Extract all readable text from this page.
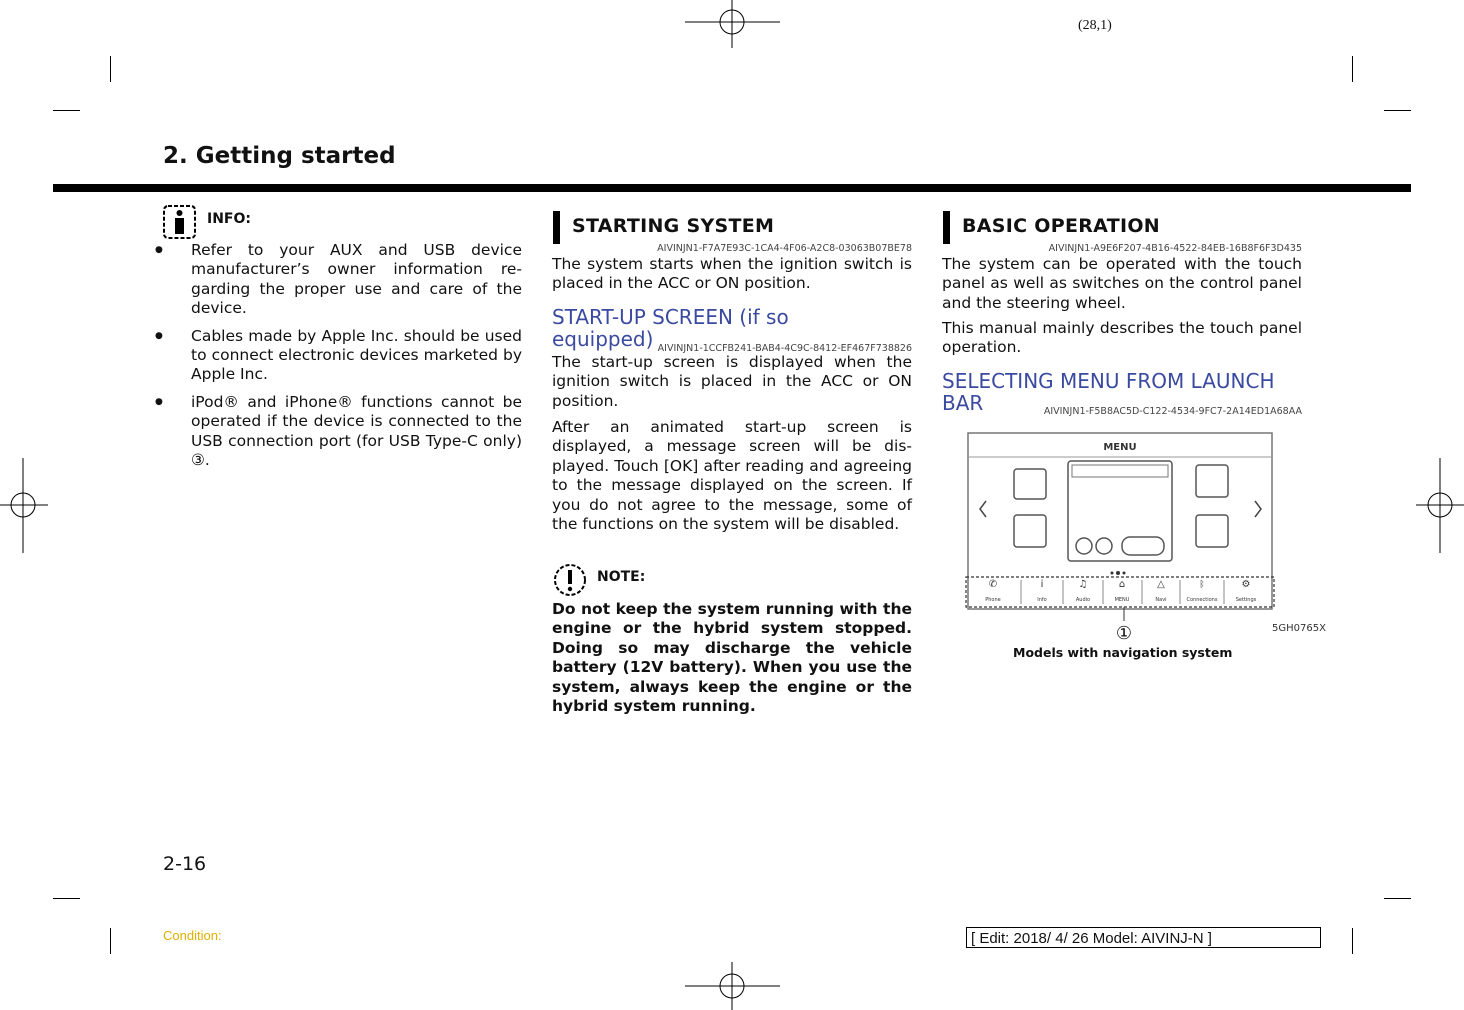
(28,1)
2. Getting started
INFO:
● Refer to your AUX and USB device manufacturer’s owner information re- garding the proper use and care of the device.
● Cables made by Apple Inc. should be used to connect electronic devices marketed by Apple Inc.
● iPod® and iPhone® functions cannot be operated if the device is connected to the USB connection port (for USB Type-C only) ③.
STARTING SYSTEM
AIVINJN1-F7A7E93C-1CA4-4F06-A2C8-03063B07BE78
The system starts when the ignition switch is placed in the ACC or ON position.
START-UP SCREEN (if so equipped) AIVINJN1-1CCFB241-BAB4-4C9C-8412-EF467F738826
The start-up screen is displayed when the ignition switch is placed in the ACC or ON position.
After an animated start-up screen is displayed, a message screen will be dis- played. Touch [OK] after reading and agreeing to the message displayed on the screen. If you do not agree to the message, some of the functions on the system will be disabled.
NOTE:
Do not keep the system running with the engine or the hybrid system stopped. Doing so may discharge the vehicle battery (12V battery). When you use the system, always keep the engine or the hybrid system running.
BASIC OPERATION
AIVINJN1-A9E6F207-4B16-4522-84EB-16B8F6F3D435
The system can be operated with the touch panel as well as switches on the control panel and the steering wheel.
This manual mainly describes the touch panel operation.
SELECTING MENU FROM LAUNCH BAR	AIVINJN1-F5B8AC5D-C122-4534-9FC7-2A14ED1A68AA
MENU
✆
Phone
i
Info
♫
Audio
⌂
MENU
△
Navi
ᛒ
Connections
⚙
Settings
①	5GH0765X
Models with navigation system
2-16
Condition:	[ Edit: 2018/ 4/ 26 Model: AIVINJ-N ]
